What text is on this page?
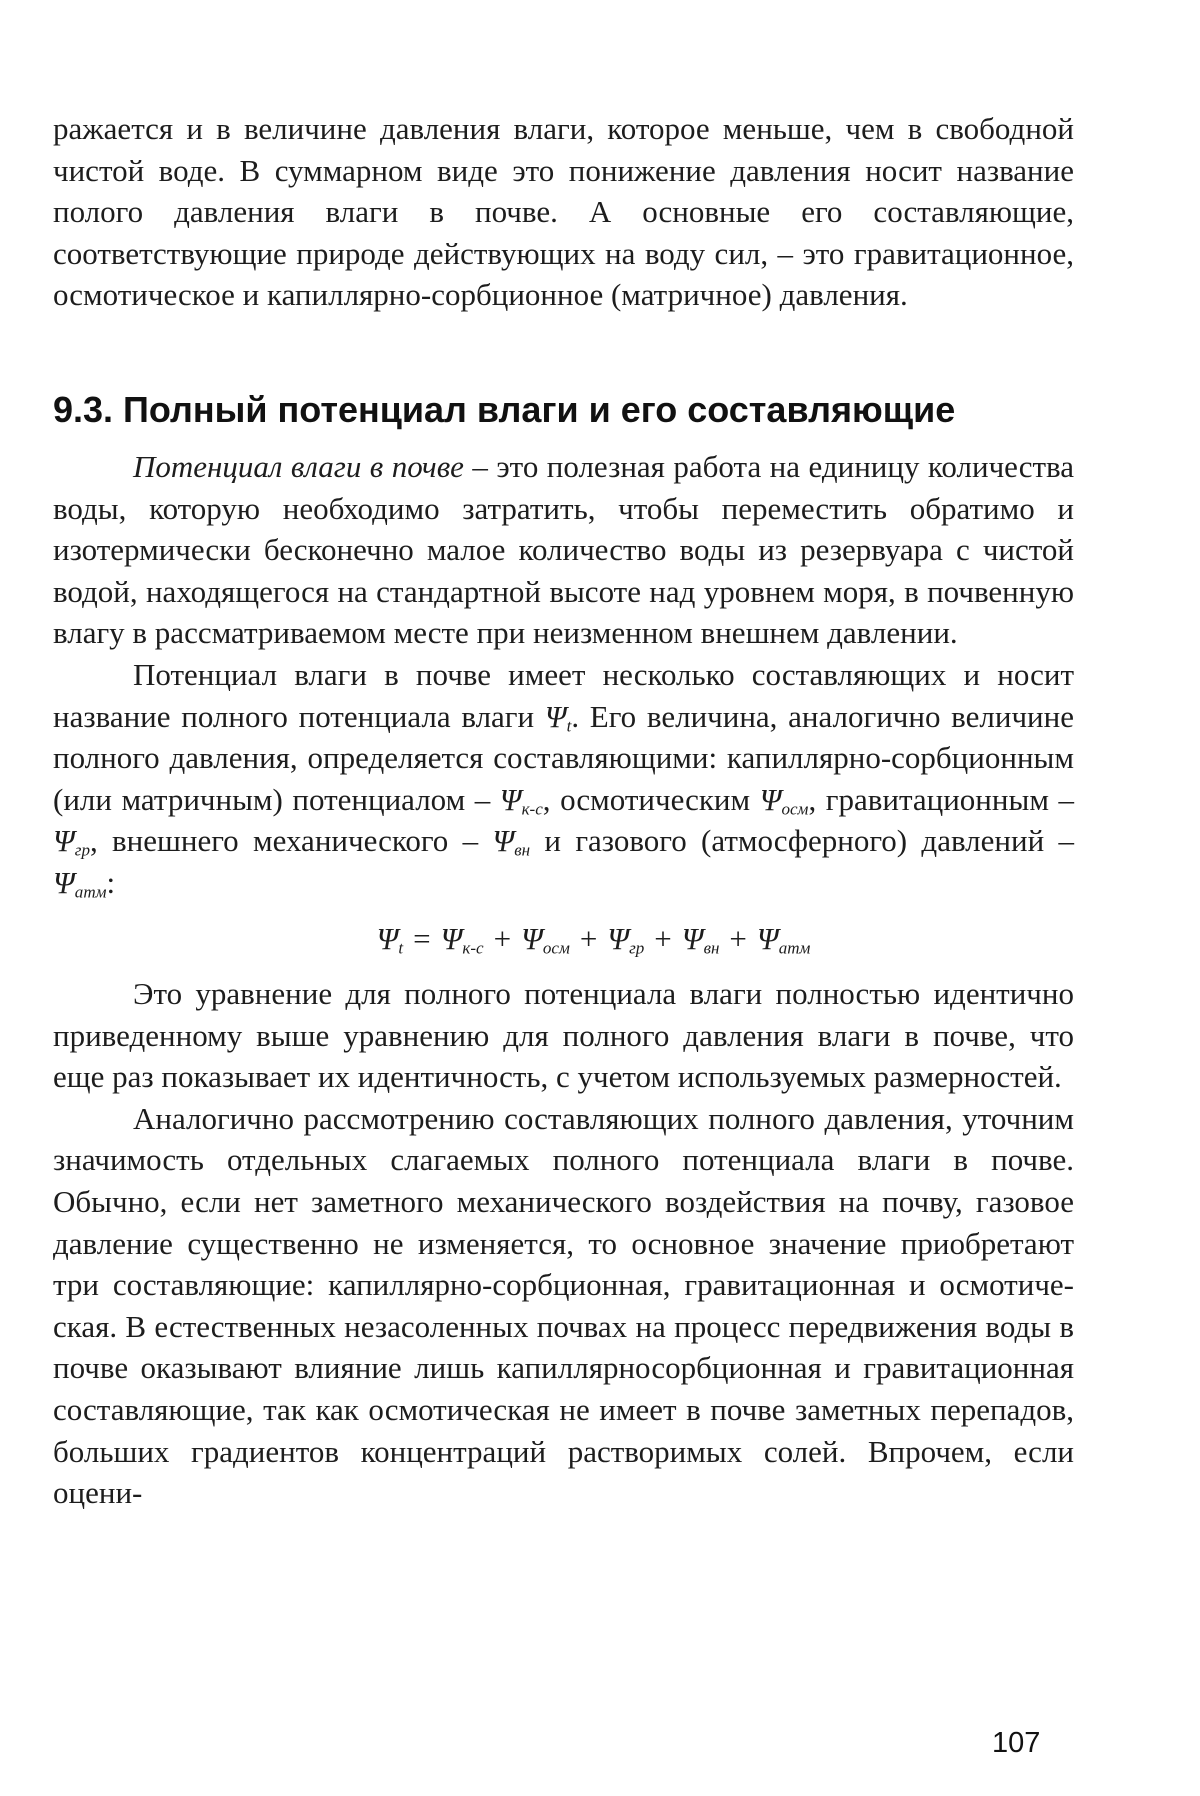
ражается и в величине давления влаги, которое меньше, чем в свободной чистой воде. В суммарном виде это понижение давления носит название полого давления влаги в почве. А основные его составляющие, соответствующие природе действующих на воду сил, – это гравитационное, осмотическое и капиллярно-сорбционное (матричное) давления.

9.3. Полный потенциал влаги и его составляющие

Потенциал влаги в почве – это полезная работа на единицу количества воды, которую необходимо затратить, чтобы переместить обратимо и изотермически бесконечно малое количество воды из резервуара с чистой водой, находящегося на стандартной высоте над уровнем моря, в почвенную влагу в рассматриваемом месте при неизменном внешнем давлении.

Потенциал влаги в почве имеет несколько составляющих и носит название полного потенциала влаги $\Psi_t$. Его величина, аналогично величине полного давления, определяется составляющими: капиллярно-сорбционным (или матричным) потенциалом – $\Psi_{к-с}$, осмотическим $\Psi_{осм}$, гравитационным – $\Psi_{гр}$, внешнего механического – $\Psi_{вн}$ и газового (атмосферного) давлений – $\Psi_{атм}$:

$\Psi_t = \Psi_{к-с} + \Psi_{осм} + \Psi_{гр} + \Psi_{вн} + \Psi_{атм}$

Это уравнение для полного потенциала влаги полностью идентично приведенному выше уравнению для полного давления влаги в почве, что еще раз показывает их идентичность, с учетом используемых размерностей.

Аналогично рассмотрению составляющих полного давления, уточним значимость отдельных слагаемых полного потенциала влаги в почве. Обычно, если нет заметного механического воздействия на почву, газовое давление существенно не изменяется, то основное значение приобретают три составляющие: капиллярно-сорбционная, гравитационная и осмотическая. В естественных незасоленных почвах на процесс передвижения воды в почве оказывают влияние лишь капиллярносорбционная и гравитационная составляющие, так как осмотическая не имеет в почве заметных перепадов, больших градиентов концентраций растворимых солей. Впрочем, если оцени-

107
